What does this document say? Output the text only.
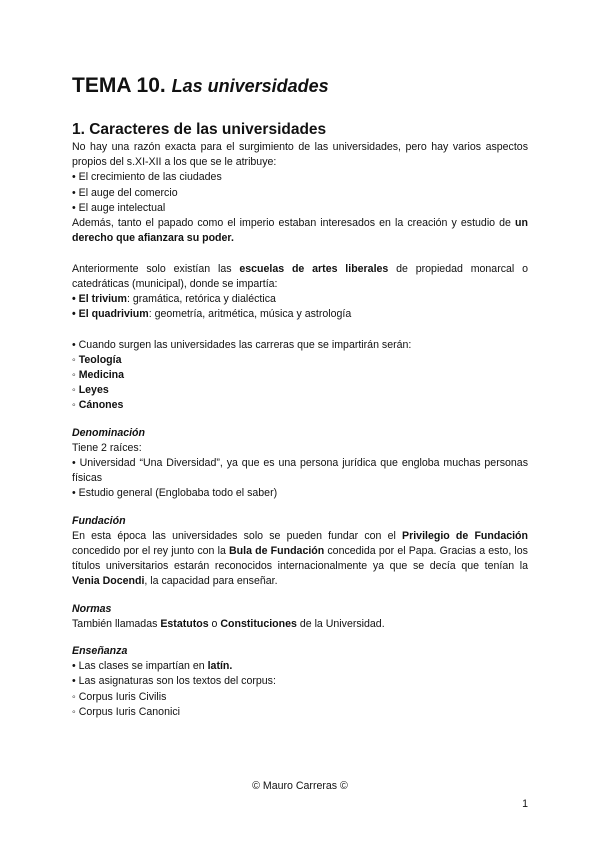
TEMA 10. Las universidades
1. Caracteres de las universidades

No hay una razón exacta para el surgimiento de las universidades, pero hay varios aspectos propios del s.XI-XII a los que se le atribuye:

• El crecimiento de las ciudades

• El auge del comercio

• El auge intelectual

Además, tanto el papado como el imperio estaban interesados en la creación y estudio de un derecho que afianzara su poder.

Anteriormente solo existían las escuelas de artes liberales de propiedad monarcal o catedráticas (municipal), donde se impartía:

• El trivium: gramática, retórica y dialéctica

• El quadrivium: geometría, aritmética, música y astrología

• Cuando surgen las universidades las carreras que se impartirán serán:

◦ Teología

◦ Medicina

◦ Leyes

◦ Cánones

Denominación

Tiene 2 raíces:

• Universidad “Una Diversidad”, ya que es una persona jurídica que engloba muchas personas físicas

• Estudio general (Englobaba todo el saber)

Fundación

En esta época las universidades solo se pueden fundar con el Privilegio de Fundación concedido por el rey junto con la Bula de Fundación concedida por el Papa. Gracias a esto, los títulos universitarios estarán reconocidos internacionalmente ya que se decía que tenían la Venia Docendi, la capacidad para enseñar.

Normas

También llamadas Estatutos o Constituciones de la Universidad.

Enseñanza

• Las clases se impartían en latín.

• Las asignaturas son los textos del corpus:

◦ Corpus Iuris Civilis

◦ Corpus Iuris Canonici

© Mauro Carreras ©
1
